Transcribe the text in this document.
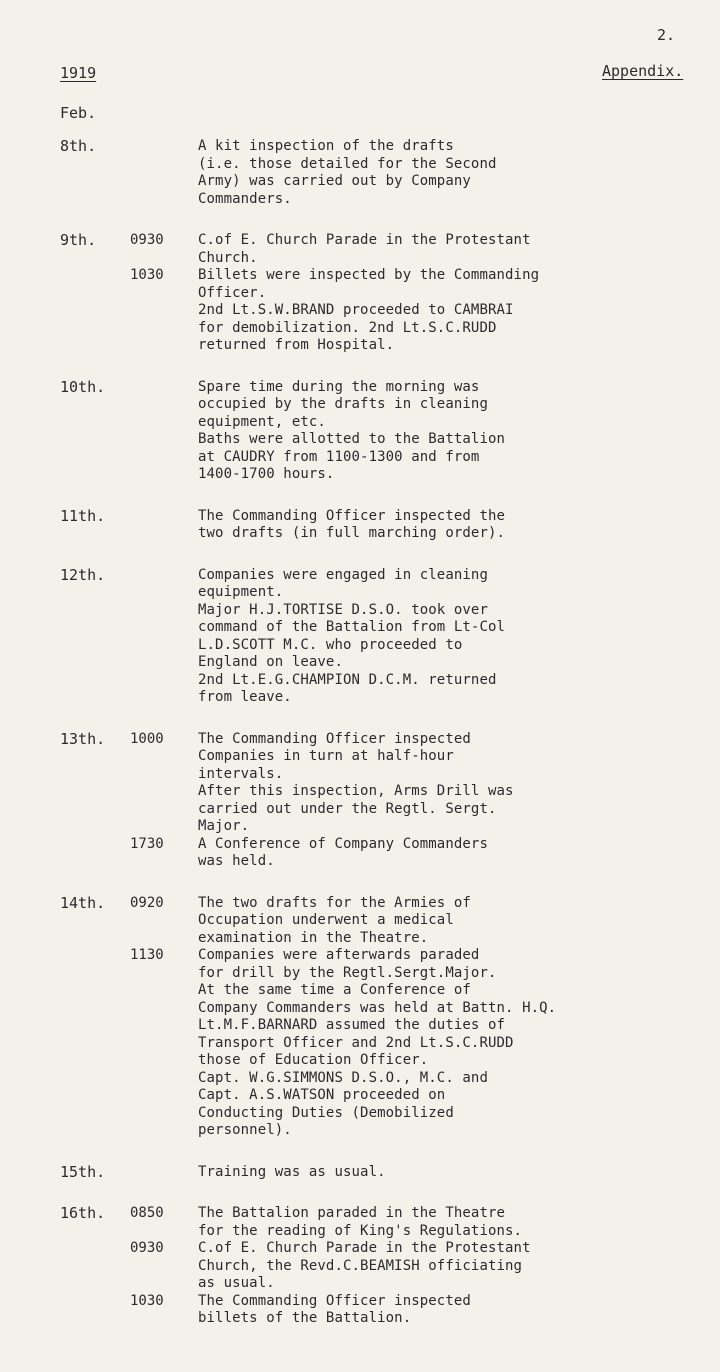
2.
1919	Appendix.
Feb.
8th.	A kit inspection of the drafts
(i.e. those detailed for the Second
Army) was carried out by Company
Commanders.
9th.	0930	C.of E. Church Parade in the Protestant
Church.
1030	Billets were inspected by the Commanding
Officer.
2nd Lt.S.W.BRAND proceeded to CAMBRAI
for demobilization. 2nd Lt.S.C.RUDD
returned from Hospital.
10th.	Spare time during the morning was
occupied by the drafts in cleaning
equipment, etc.
Baths were allotted to the Battalion
at CAUDRY from 1100-1300 and from
1400-1700 hours.
11th.	The Commanding Officer inspected the
two drafts (in full marching order).
12th.	Companies were engaged in cleaning
equipment.
Major H.J.TORTISE D.S.O. took over
command of the Battalion from Lt-Col
L.D.SCOTT M.C. who proceeded to
England on leave.
2nd Lt.E.G.CHAMPION D.C.M. returned
from leave.
13th.	1000	The Commanding Officer inspected
Companies in turn at half-hour
intervals.
After this inspection, Arms Drill was
carried out under the Regtl. Sergt.
Major.
1730	A Conference of Company Commanders
was held.
14th.	0920	The two drafts for the Armies of
Occupation underwent a medical
examination in the Theatre.
1130	Companies were afterwards paraded
for drill by the Regtl.Sergt.Major.
At the same time a Conference of
Company Commanders was held at Battn. H.Q.
Lt.M.F.BARNARD assumed the duties of
Transport Officer and 2nd Lt.S.C.RUDD
those of Education Officer.
Capt. W.G.SIMMONS D.S.O., M.C. and
Capt. A.S.WATSON proceeded on
Conducting Duties (Demobilized
personnel).
15th.	Training was as usual.
16th.	0850	The Battalion paraded in the Theatre
for the reading of King's Regulations.
0930	C.of E. Church Parade in the Protestant
Church, the Revd.C.BEAMISH officiating
as usual.
1030	The Commanding Officer inspected
billets of the Battalion.
